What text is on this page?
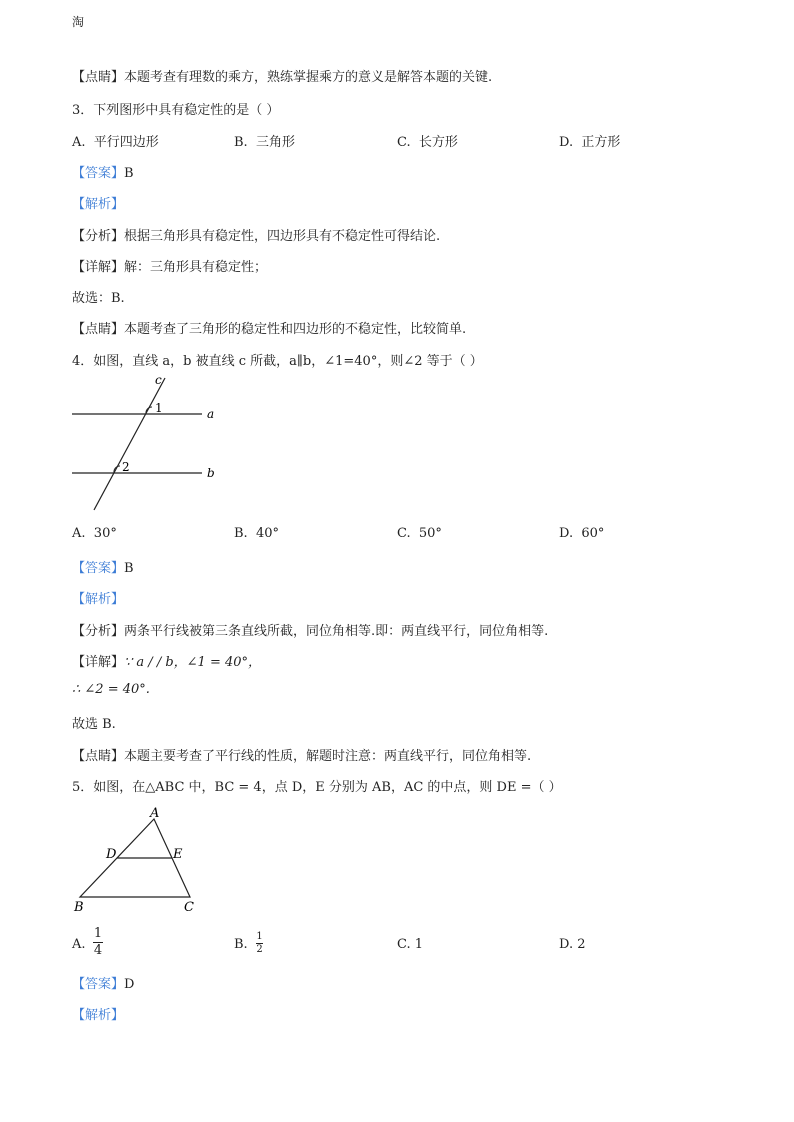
淘
【点睛】本题考查有理数的乘方，熟练掌握乘方的意义是解答本题的关键.
3．下列图形中具有稳定性的是（ ）
A. 平行四边形	B. 三角形	C. 长方形	D. 正方形
【答案】B
【解析】
【分析】根据三角形具有稳定性，四边形具有不稳定性可得结论.
【详解】解：三角形具有稳定性；
故选：B.
【点睛】本题考查了三角形的稳定性和四边形的不稳定性，比较简单.
4．如图，直线 a，b 被直线 c 所截，a∥b，∠1=40°，则∠2 等于（ ）
c
a
b
1
2
A. 30°	B. 40°	C. 50°	D. 60°
【答案】B
【解析】
【分析】两条平行线被第三条直线所截，同位角相等.即：两直线平行，同位角相等.
【详解】∵ a / / b，∠1 = 40°，
∴ ∠2 = 40°.
故选 B.
【点睛】本题主要考查了平行线的性质，解题时注意：两直线平行，同位角相等.
5．如图，在△ABC 中，BC = 4，点 D，E 分别为 AB，AC 的中点，则 DE =（ ）
A
B	C
D	E
A.
1
4	B.
1
2	C. 1	D. 2
【答案】D
【解析】
